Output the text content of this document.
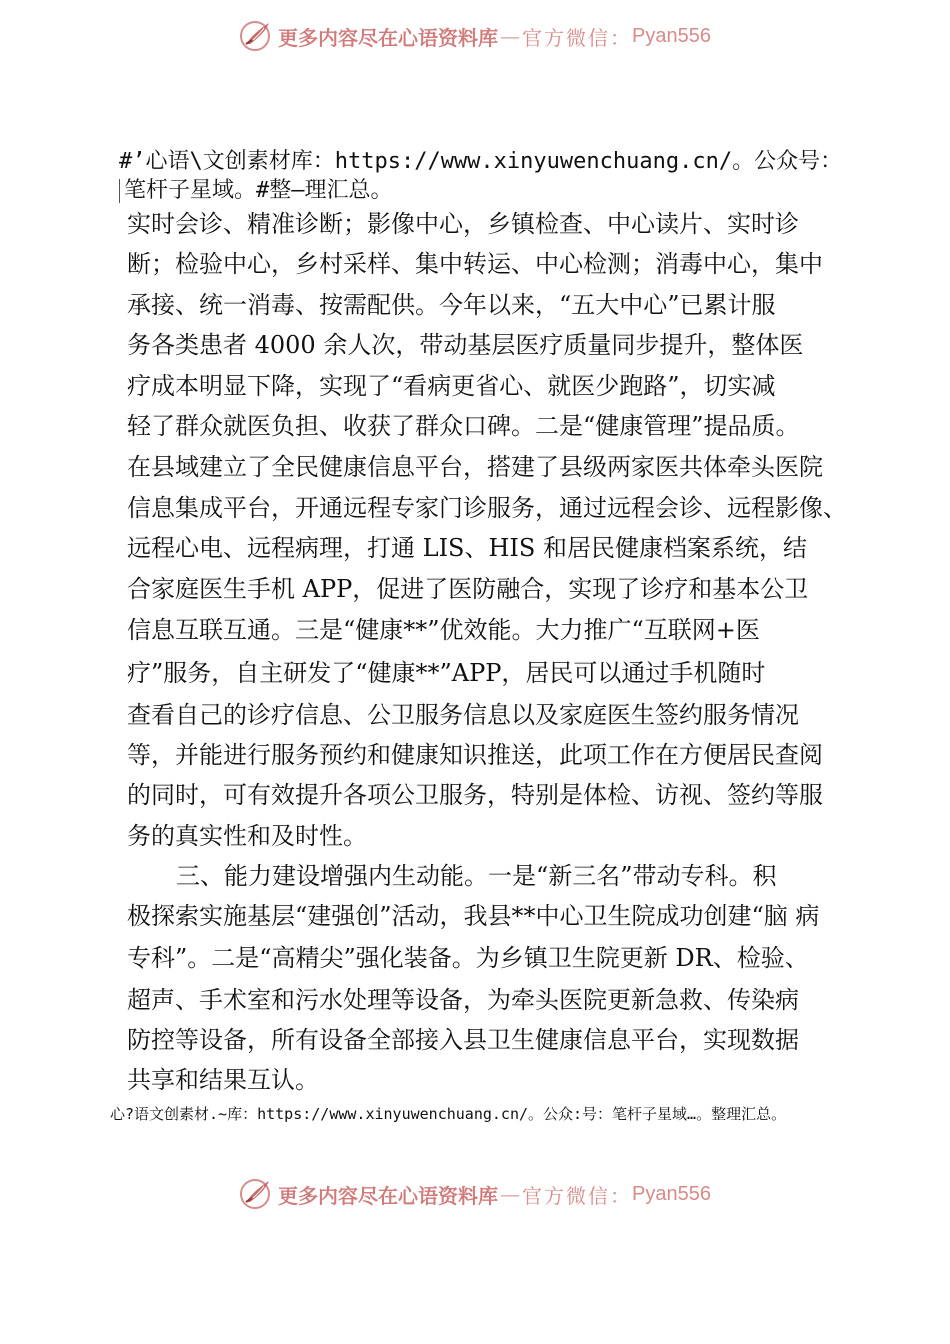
更多内容尽在心语资料库 — 官方微信： Pyan556
#’心语\文创素材库：https://www.xinyuwenchuang.cn/。公众号：
笔杆子星域。#整—理汇总。
实时会诊、精准诊断；影像中心，乡镇检查、中心读片、实时诊
断；检验中心，乡村采样、集中转运、中心检测；消毒中心，集中
承接、统一消毒、按需配供。今年以来，“五大中心”已累计服
务各类患者 4000 余人次，带动基层医疗质量同步提升，整体医
疗成本明显下降，实现了“看病更省心、就医少跑路”，切实减
轻了群众就医负担、收获了群众口碑。二是“健康管理”提品质。
在县域建立了全民健康信息平台，搭建了县级两家医共体牵头医院
信息集成平台，开通远程专家门诊服务，通过远程会诊、远程影像、
远程心电、远程病理，打通 LIS、HIS 和居民健康档案系统，结
合家庭医生手机 APP，促进了医防融合，实现了诊疗和基本公卫
信息互联互通。三是“健康**”优效能。大力推广“互联网+医
疗”服务，自主研发了“健康**”APP，居民可以通过手机随时
查看自己的诊疗信息、公卫服务信息以及家庭医生签约服务情况
等，并能进行服务预约和健康知识推送，此项工作在方便居民查阅
的同时，可有效提升各项公卫服务，特别是体检、访视、签约等服
务的真实性和及时性。
三、能力建设增强内生动能。一是“新三名”带动专科。积
极探索实施基层“建强创”活动，我县**中心卫生院成功创建“脑 病
专科”。二是“高精尖”强化装备。为乡镇卫生院更新 DR、检验、
超声、手术室和污水处理等设备，为牵头医院更新急救、传染病
防控等设备，所有设备全部接入县卫生健康信息平台，实现数据
共享和结果互认。
心?语文创素材.~库：https://www.xinyuwenchuang.cn/。公众:号：笔杆子星域…。整理汇总。
更多内容尽在心语资料库 — 官方微信： Pyan556
